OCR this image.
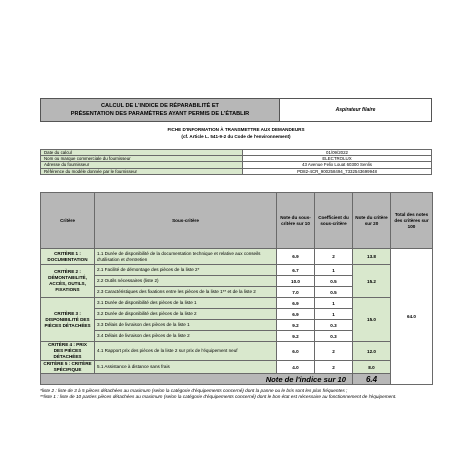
CALCUL DE L'INDICE DE RÉPARABILITÉ ET
PRÉSENTATION DES PARAMÈTRES AYANT PERMIS DE L'ÉTABLIR
Aspirateur filaire
FICHE D'INFORMATION À TRANSMETTRE AUX DEMANDEURS
(cf. Article L. 541-9-2 du Code de l'environnement)
Date du calcul	01/09/2022
Nom ou marque commerciale du fournisseur	ELECTROLUX
Adresse du fournisseur	43 Avenue Felix Louat 60300 Senlis
Référence du modèle donnée par le fournisseur	PD82-4CR_900258494_7332543699948
Critère	Sous-critère	Note du sous-critère sur 10	Coefficient du sous-critère	Note du critère sur 20	Total des notes des critères sur 100
CRITÈRE 1 : DOCUMENTATION	1.1 Durée de disponibilité de la documentation technique et relative aux conseils d'utilisation et d'entretien	6.9	2	13.8	64.0
CRITÈRE 2 : DÉMONTABILITÉ, ACCÈS, OUTILS, FIXATIONS	2.1 Facilité de démontage des pièces de la liste 2*	6.7	1	15.2	
	2.2 Outils nécessaires (liste 2)	10.0	0.5		
	2.3 Caractéristiques des fixations entre les pièces de la liste 1** et de la liste 2	7.0	0.5		
CRITÈRE 3 : DISPONIBILITÉ DES PIÈCES DÉTACHÉES	3.1 Durée de disponibilité des pièces de la liste 1	6.9	1	15.0	
	3.2 Durée de disponibilité des pièces de la liste 2	6.9	1		
	3.3 Délais de livraison des pièces de la liste 1	9.2	0.3		
	3.4 Délais de livraison des pièces de la liste 2	9.2	0.3		
CRITÈRE 4 : PRIX DES PIÈCES DÉTACHÉES	4.1 Rapport prix des pièces de la liste 2 sur prix de l'équipement neuf	6.0	2	12.0	
CRITÈRE 5 : CRITÈRE SPÉCIFIQUE	5.1 Assistance à distance sans frais	4.0	2	8.0	
Note de l'indice sur 10				6.4	
*liste 2 : liste de 3 à 5 pièces détachées au maximum (selon la catégorie d'équipements concerné) dont la panne ou le bris sont les plus fréquentes ;
**liste 1 : liste de 10 parties pièces détachées au maximum (selon la catégorie d'équipements concerné) dont le bon état est nécessaire au fonctionnement de l'équipement.
